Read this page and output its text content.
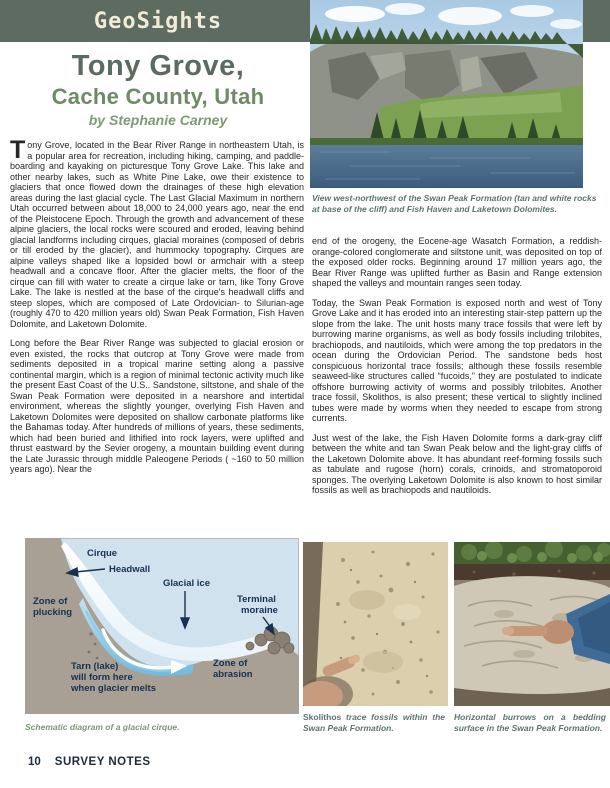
GeoSights
Tony Grove,
Cache County, Utah
by Stephanie Carney

Tony Grove, located in the Bear River Range in northeastern Utah, is a popular area for recreation, including hiking, camping, and paddle-boarding and kayaking on picturesque Tony Grove Lake. This lake and other nearby lakes, such as White Pine Lake, owe their existence to glaciers that once flowed down the drainages of these high elevation areas during the last glacial cycle. The Last Glacial Maximum in northern Utah occurred between about 18,000 to 24,000 years ago, near the end of the Pleistocene Epoch. Through the growth and advancement of these alpine glaciers, the local rocks were scoured and eroded, leaving behind glacial landforms including cirques, glacial moraines (composed of debris or till eroded by the glacier), and hummocky topography. Cirques are alpine valleys shaped like a lopsided bowl or armchair with a steep headwall and a concave floor. After the glacier melts, the floor of the cirque can fill with water to create a cirque lake or tarn, like Tony Grove Lake. The lake is nestled at the base of the cirque's headwall cliffs and steep slopes, which are composed of Late Ordovician- to Silurian-age (roughly 470 to 420 million years old) Swan Peak Formation, Fish Haven Dolomite, and Laketown Dolomite.

Long before the Bear River Range was subjected to glacial erosion or even existed, the rocks that outcrop at Tony Grove were made from sediments deposited in a tropical marine setting along a passive continental margin, which is a region of minimal tectonic activity much like the present East Coast of the U.S.. Sandstone, siltstone, and shale of the Swan Peak Formation were deposited in a nearshore and intertidal environment, whereas the slightly younger, overlying Fish Haven and Laketown Dolomites were deposited on shallow carbonate platforms like the Bahamas today. After hundreds of millions of years, these sediments, which had been buried and lithified into rock layers, were uplifted and thrust eastward by the Sevier orogeny, a mountain building event during the Late Jurassic through middle Paleogene Periods ( ~160 to 50 million years ago). Near the

View west-northwest of the Swan Peak Formation (tan and white rocks at base of the cliff) and Fish Haven and Laketown Dolomites.

end of the orogeny, the Eocene-age Wasatch Formation, a reddish-orange-colored conglomerate and siltstone unit, was deposited on top of the exposed older rocks. Beginning around 17 million years ago, the Bear River Range was uplifted further as Basin and Range extension shaped the valleys and mountain ranges seen today.

Today, the Swan Peak Formation is exposed north and west of Tony Grove Lake and it has eroded into an interesting stair-step pattern up the slope from the lake. The unit hosts many trace fossils that were left by burrowing marine organisms, as well as body fossils including trilobites, brachiopods, and nautiloids, which were among the top predators in the ocean during the Ordovician Period. The sandstone beds host conspicuous horizontal trace fossils; although these fossils resemble seaweed-like structures called “fucoids,” they are postulated to indicate offshore burrowing activity of worms and possibly trilobites. Another trace fossil, Skolithos, is also present; these vertical to slightly inclined tubes were made by worms when they needed to escape from strong currents.

Just west of the lake, the Fish Haven Dolomite forms a dark-gray cliff between the white and tan Swan Peak below and the light-gray cliffs of the Laketown Dolomite above. It has abundant reef-forming fossils such as tabulate and rugose (horn) corals, crinoids, and stromatoporoid sponges. The overlying Laketown Dolomite is also known to host similar fossils as well as brachiopods and nautiloids.

Cirque
Headwall
Zone of
plucking
Glacial ice
Terminal
moraine
Tarn (lake)
will form here
when glacier melts
Zone of
abrasion
Schematic diagram of a glacial cirque.
Skolithos trace fossils within the Swan Peak Formation.
Horizontal burrows on a bedding surface in the Swan Peak Formation.
10 SURVEY NOTES
